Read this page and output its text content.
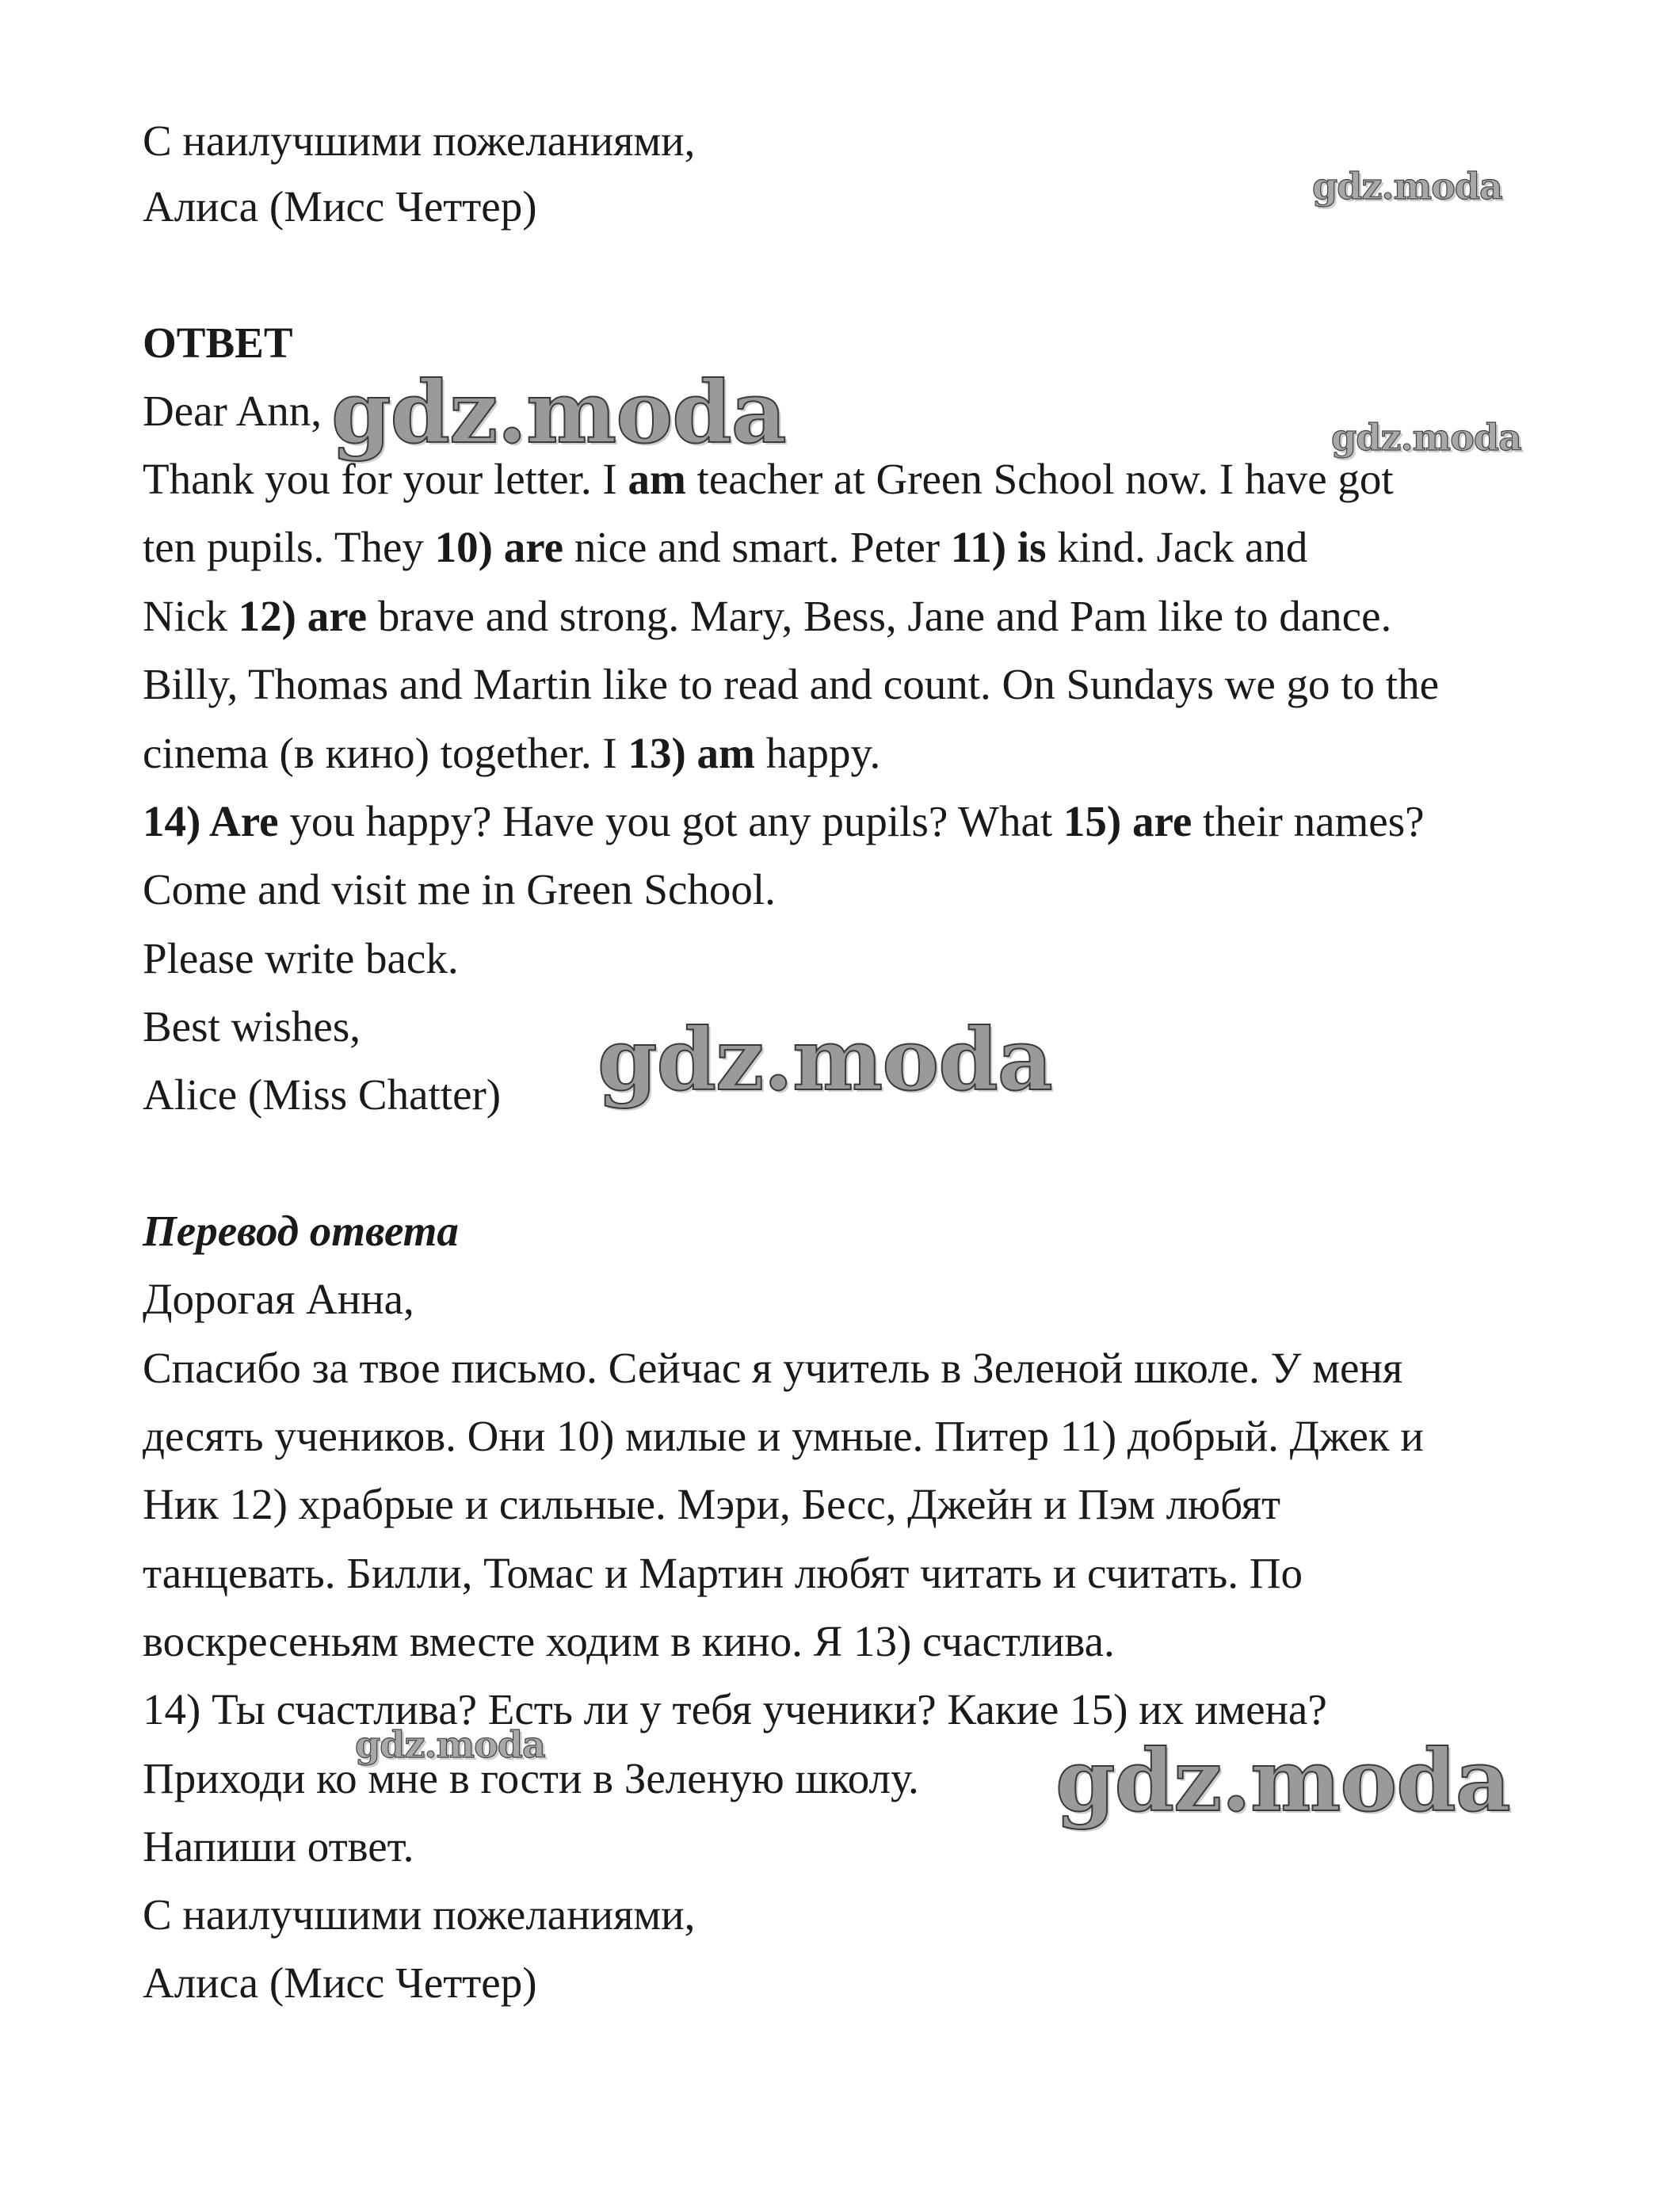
С наилучшими пожеланиями,
Алиса (Мисс Четтер)
ОТВЕТ
Dear Ann,
Thank you for your letter. I am teacher at Green School now. I have got
ten pupils. They 10) are nice and smart. Peter 11) is kind. Jack and
Nick 12) are brave and strong. Mary, Bess, Jane and Pam like to dance.
Billy, Thomas and Martin like to read and count. On Sundays we go to the
cinema (в кино) together. I 13) am happy.
14) Are you happy? Have you got any pupils? What 15) are their names?
Come and visit me in Green School.
Please write back.
Best wishes,
Alice (Miss Chatter)
Перевод ответа
Дорогая Анна,
Спасибо за твое письмо. Сейчас я учитель в Зеленой школе. У меня
десять учеников. Они 10) милые и умные. Питер 11) добрый. Джек и
Ник 12) храбрые и сильные. Мэри, Бесс, Джейн и Пэм любят
танцевать. Билли, Томас и Мартин любят читать и считать. По
воскресеньям вместе ходим в кино. Я 13) счастлива.
14) Ты счастлива? Есть ли у тебя ученики? Какие 15) их имена?
Приходи ко мне в гости в Зеленую школу.
Напиши ответ.
С наилучшими пожеланиями,
Алиса (Мисс Четтер)
gdz.moda
gdz.moda	gdz.moda
gdz.moda
gdz.moda	gdz.moda
